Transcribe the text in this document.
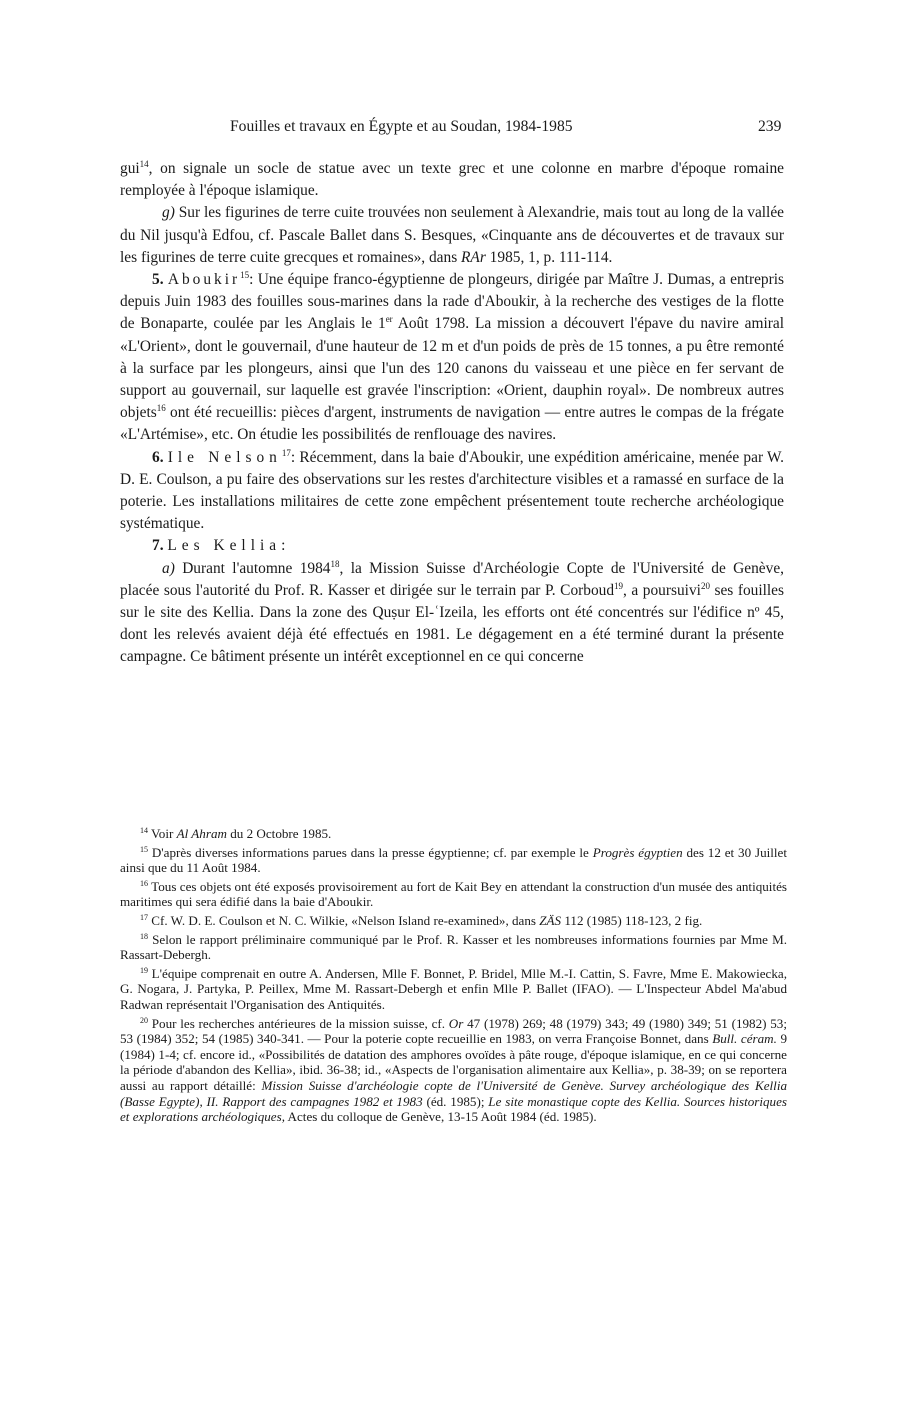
Fouilles et travaux en Égypte et au Soudan, 1984-1985	239

gui$^{14}$, on signale un socle de statue avec un texte grec et une colonne en marbre d'époque romaine remployée à l'époque islamique.

g) Sur les figurines de terre cuite trouvées non seulement à Alexandrie, mais tout au long de la vallée du Nil jusqu'à Edfou, cf. Pascale Ballet dans S. Besques, «Cinquante ans de découvertes et de travaux sur les figurines de terre cuite grecques et romaines», dans RAr 1985, 1, p. 111-114.

5. Aboukir$^{15}$: Une équipe franco-égyptienne de plongeurs, dirigée par Maître J. Dumas, a entrepris depuis Juin 1983 des fouilles sous-marines dans la rade d'Aboukir, à la recherche des vestiges de la flotte de Bonaparte, coulée par les Anglais le 1er Août 1798. La mission a découvert l'épave du navire amiral «L'Orient», dont le gouvernail, d'une hauteur de 12 m et d'un poids de près de 15 tonnes, a pu être remonté à la surface par les plongeurs, ainsi que l'un des 120 canons du vaisseau et une pièce en fer servant de support au gouvernail, sur laquelle est gravée l'inscription: «Orient, dauphin royal». De nombreux autres objets$^{16}$ ont été recueillis: pièces d'argent, instruments de navigation — entre autres le compas de la frégate «L'Artémise», etc. On étudie les possibilités de renflouage des navires.

6. Ile Nelson$^{17}$: Récemment, dans la baie d'Aboukir, une expédition américaine, menée par W. D. E. Coulson, a pu faire des observations sur les restes d'architecture visibles et a ramassé en surface de la poterie. Les installations militaires de cette zone empêchent présentement toute recherche archéologique systématique.

7. Les Kellia:

a) Durant l'automne 1984$^{18}$, la Mission Suisse d'Archéologie Copte de l'Université de Genève, placée sous l'autorité du Prof. R. Kasser et dirigée sur le terrain par P. Corboud$^{19}$, a poursuivi$^{20}$ ses fouilles sur le site des Kellia. Dans la zone des Quṣur El-ʿIzeila, les efforts ont été concentrés sur l'édifice nº 45, dont les relevés avaient déjà été effectués en 1981. Le dégagement en a été terminé durant la présente campagne. Ce bâtiment présente un intérêt exceptionnel en ce qui concerne

$^{14}$ Voir Al Ahram du 2 Octobre 1985.

$^{15}$ D'après diverses informations parues dans la presse égyptienne; cf. par exemple le Progrès égyptien des 12 et 30 Juillet ainsi que du 11 Août 1984.

$^{16}$ Tous ces objets ont été exposés provisoirement au fort de Kait Bey en attendant la construction d'un musée des antiquités maritimes qui sera édifié dans la baie d'Aboukir.

$^{17}$ Cf. W. D. E. Coulson et N. C. Wilkie, «Nelson Island re-examined», dans ZÄS 112 (1985) 118-123, 2 fig.

$^{18}$ Selon le rapport préliminaire communiqué par le Prof. R. Kasser et les nombreuses informations fournies par Mme M. Rassart-Debergh.

$^{19}$ L'équipe comprenait en outre A. Andersen, Mlle F. Bonnet, P. Bridel, Mlle M.-I. Cattin, S. Favre, Mme E. Makowiecka, G. Nogara, J. Partyka, P. Peillex, Mme M. Rassart-Debergh et enfin Mlle P. Ballet (IFAO). — L'Inspecteur Abdel Ma'abud Radwan représentait l'Organisation des Antiquités.

$^{20}$ Pour les recherches antérieures de la mission suisse, cf. Or 47 (1978) 269; 48 (1979) 343; 49 (1980) 349; 51 (1982) 53; 53 (1984) 352; 54 (1985) 340-341. — Pour la poterie copte recueillie en 1983, on verra Françoise Bonnet, dans Bull. céram. 9 (1984) 1-4; cf. encore id., «Possibilités de datation des amphores ovoïdes à pâte rouge, d'époque islamique, en ce qui concerne la période d'abandon des Kellia», ibid. 36-38; id., «Aspects de l'organisation alimentaire aux Kellia», p. 38-39; on se reportera aussi au rapport détaillé: Mission Suisse d'archéologie copte de l'Université de Genève. Survey archéologique des Kellia (Basse Egypte), II. Rapport des campagnes 1982 et 1983 (éd. 1985); Le site monastique copte des Kellia. Sources historiques et explorations archéologiques, Actes du colloque de Genève, 13-15 Août 1984 (éd. 1985).
